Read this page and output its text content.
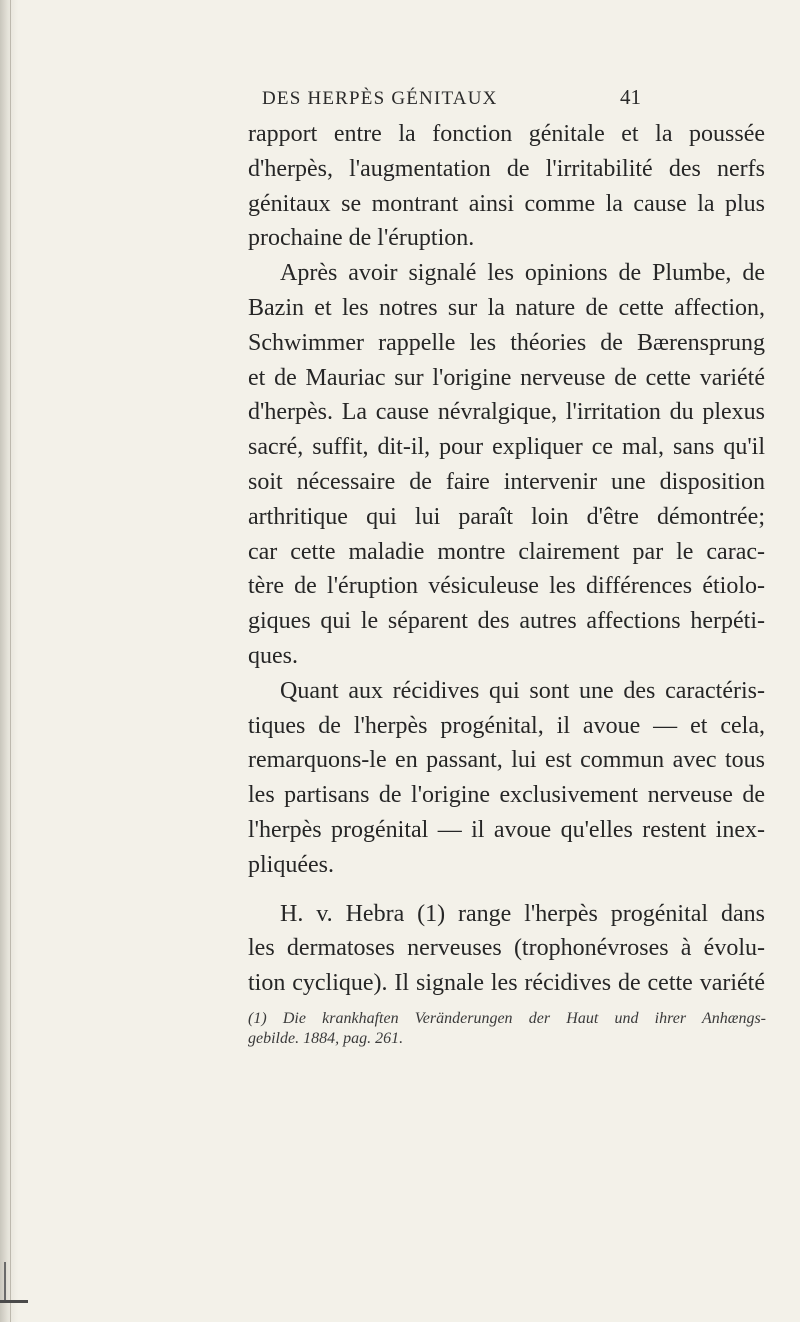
DES HERPÈS GÉNITAUX	41
rapport entre la fonction génitale et la poussée
d'herpès, l'augmentation de l'irritabilité des nerfs
génitaux se montrant ainsi comme la cause la plus
prochaine de l'éruption.
Après avoir signalé les opinions de Plumbe, de
Bazin et les notres sur la nature de cette affection,
Schwimmer rappelle les théories de Bærensprung
et de Mauriac sur l'origine nerveuse de cette variété
d'herpès. La cause névralgique, l'irritation du plexus
sacré, suffit, dit-il, pour expliquer ce mal, sans qu'il
soit nécessaire de faire intervenir une disposition
arthritique qui lui paraît loin d'être démontrée;
car cette maladie montre clairement par le carac-
tère de l'éruption vésiculeuse les différences étiolo-
giques qui le séparent des autres affections herpéti-
ques.
Quant aux récidives qui sont une des caractéris-
tiques de l'herpès progénital, il avoue — et cela,
remarquons-le en passant, lui est commun avec tous
les partisans de l'origine exclusivement nerveuse de
l'herpès progénital — il avoue qu'elles restent inex-
pliquées.
H. v. Hebra (1) range l'herpès progénital dans
les dermatoses nerveuses (trophonévroses à évolu-
tion cyclique). Il signale les récidives de cette variété
(1) Die krankhaften Veränderungen der Haut und ihrer Anhængs-
gebilde. 1884, pag. 261.
